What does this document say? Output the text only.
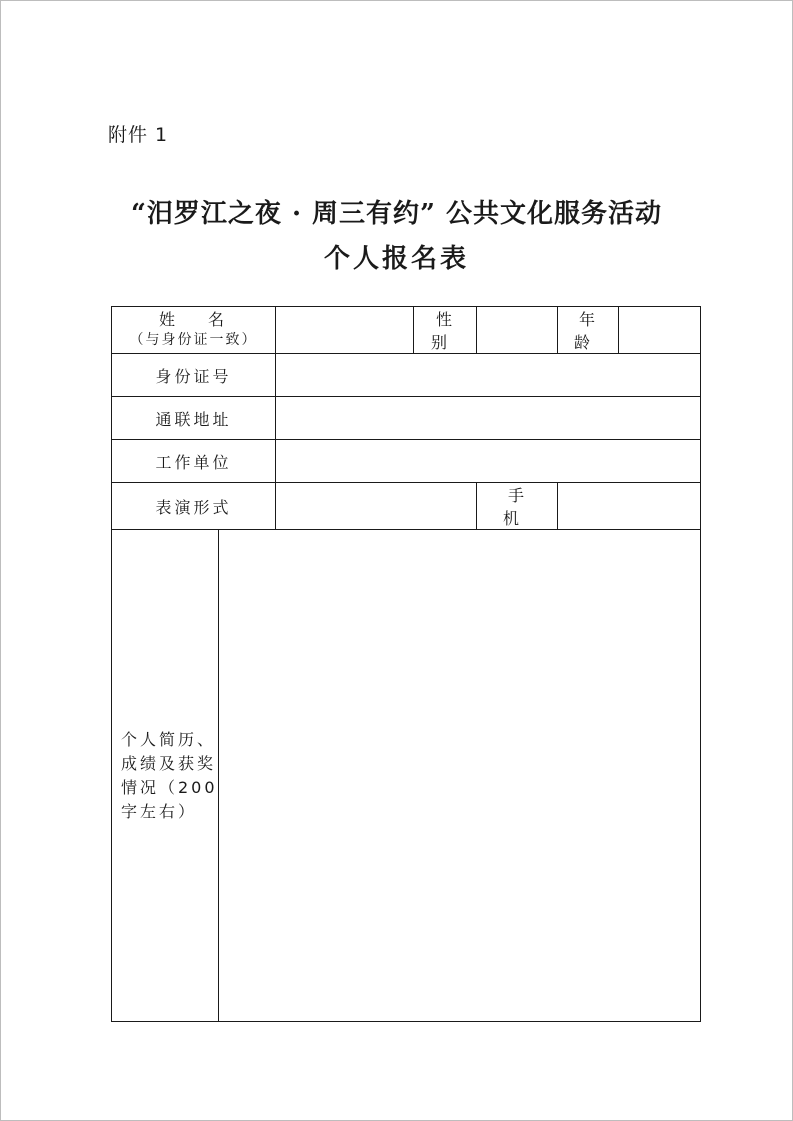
附件 1
“汨罗江之夜 · 周三有约” 公共文化服务活动
个人报名表
姓 名
（与身份证一致）			性 别		年 龄	
身份证号						
通联地址						
工作单位						
表演形式				手 机		
个人简历、成绩及获奖情况（200字左右）						
